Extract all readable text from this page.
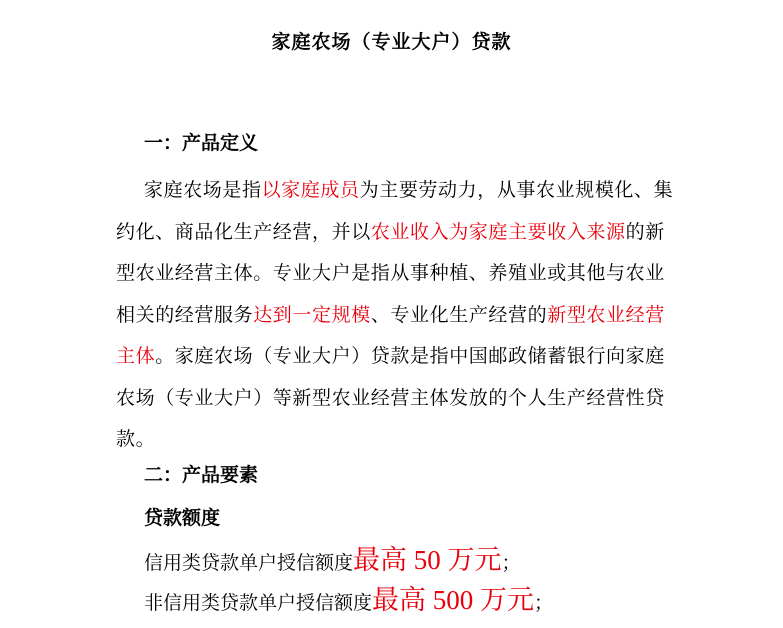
家庭农场（专业大户）贷款
一：产品定义
家庭农场是指以家庭成员为主要劳动力，从事农业规模化、集约化、商品化生产经营，并以农业收入为家庭主要收入来源的新型农业经营主体。专业大户是指从事种植、养殖业或其他与农业相关的经营服务达到一定规模、专业化生产经营的新型农业经营主体。家庭农场（专业大户）贷款是指中国邮政储蓄银行向家庭农场（专业大户）等新型农业经营主体发放的个人生产经营性贷款。
二：产品要素
贷款额度
信用类贷款单户授信额度最高 50 万元；
非信用类贷款单户授信额度最高 500 万元；
